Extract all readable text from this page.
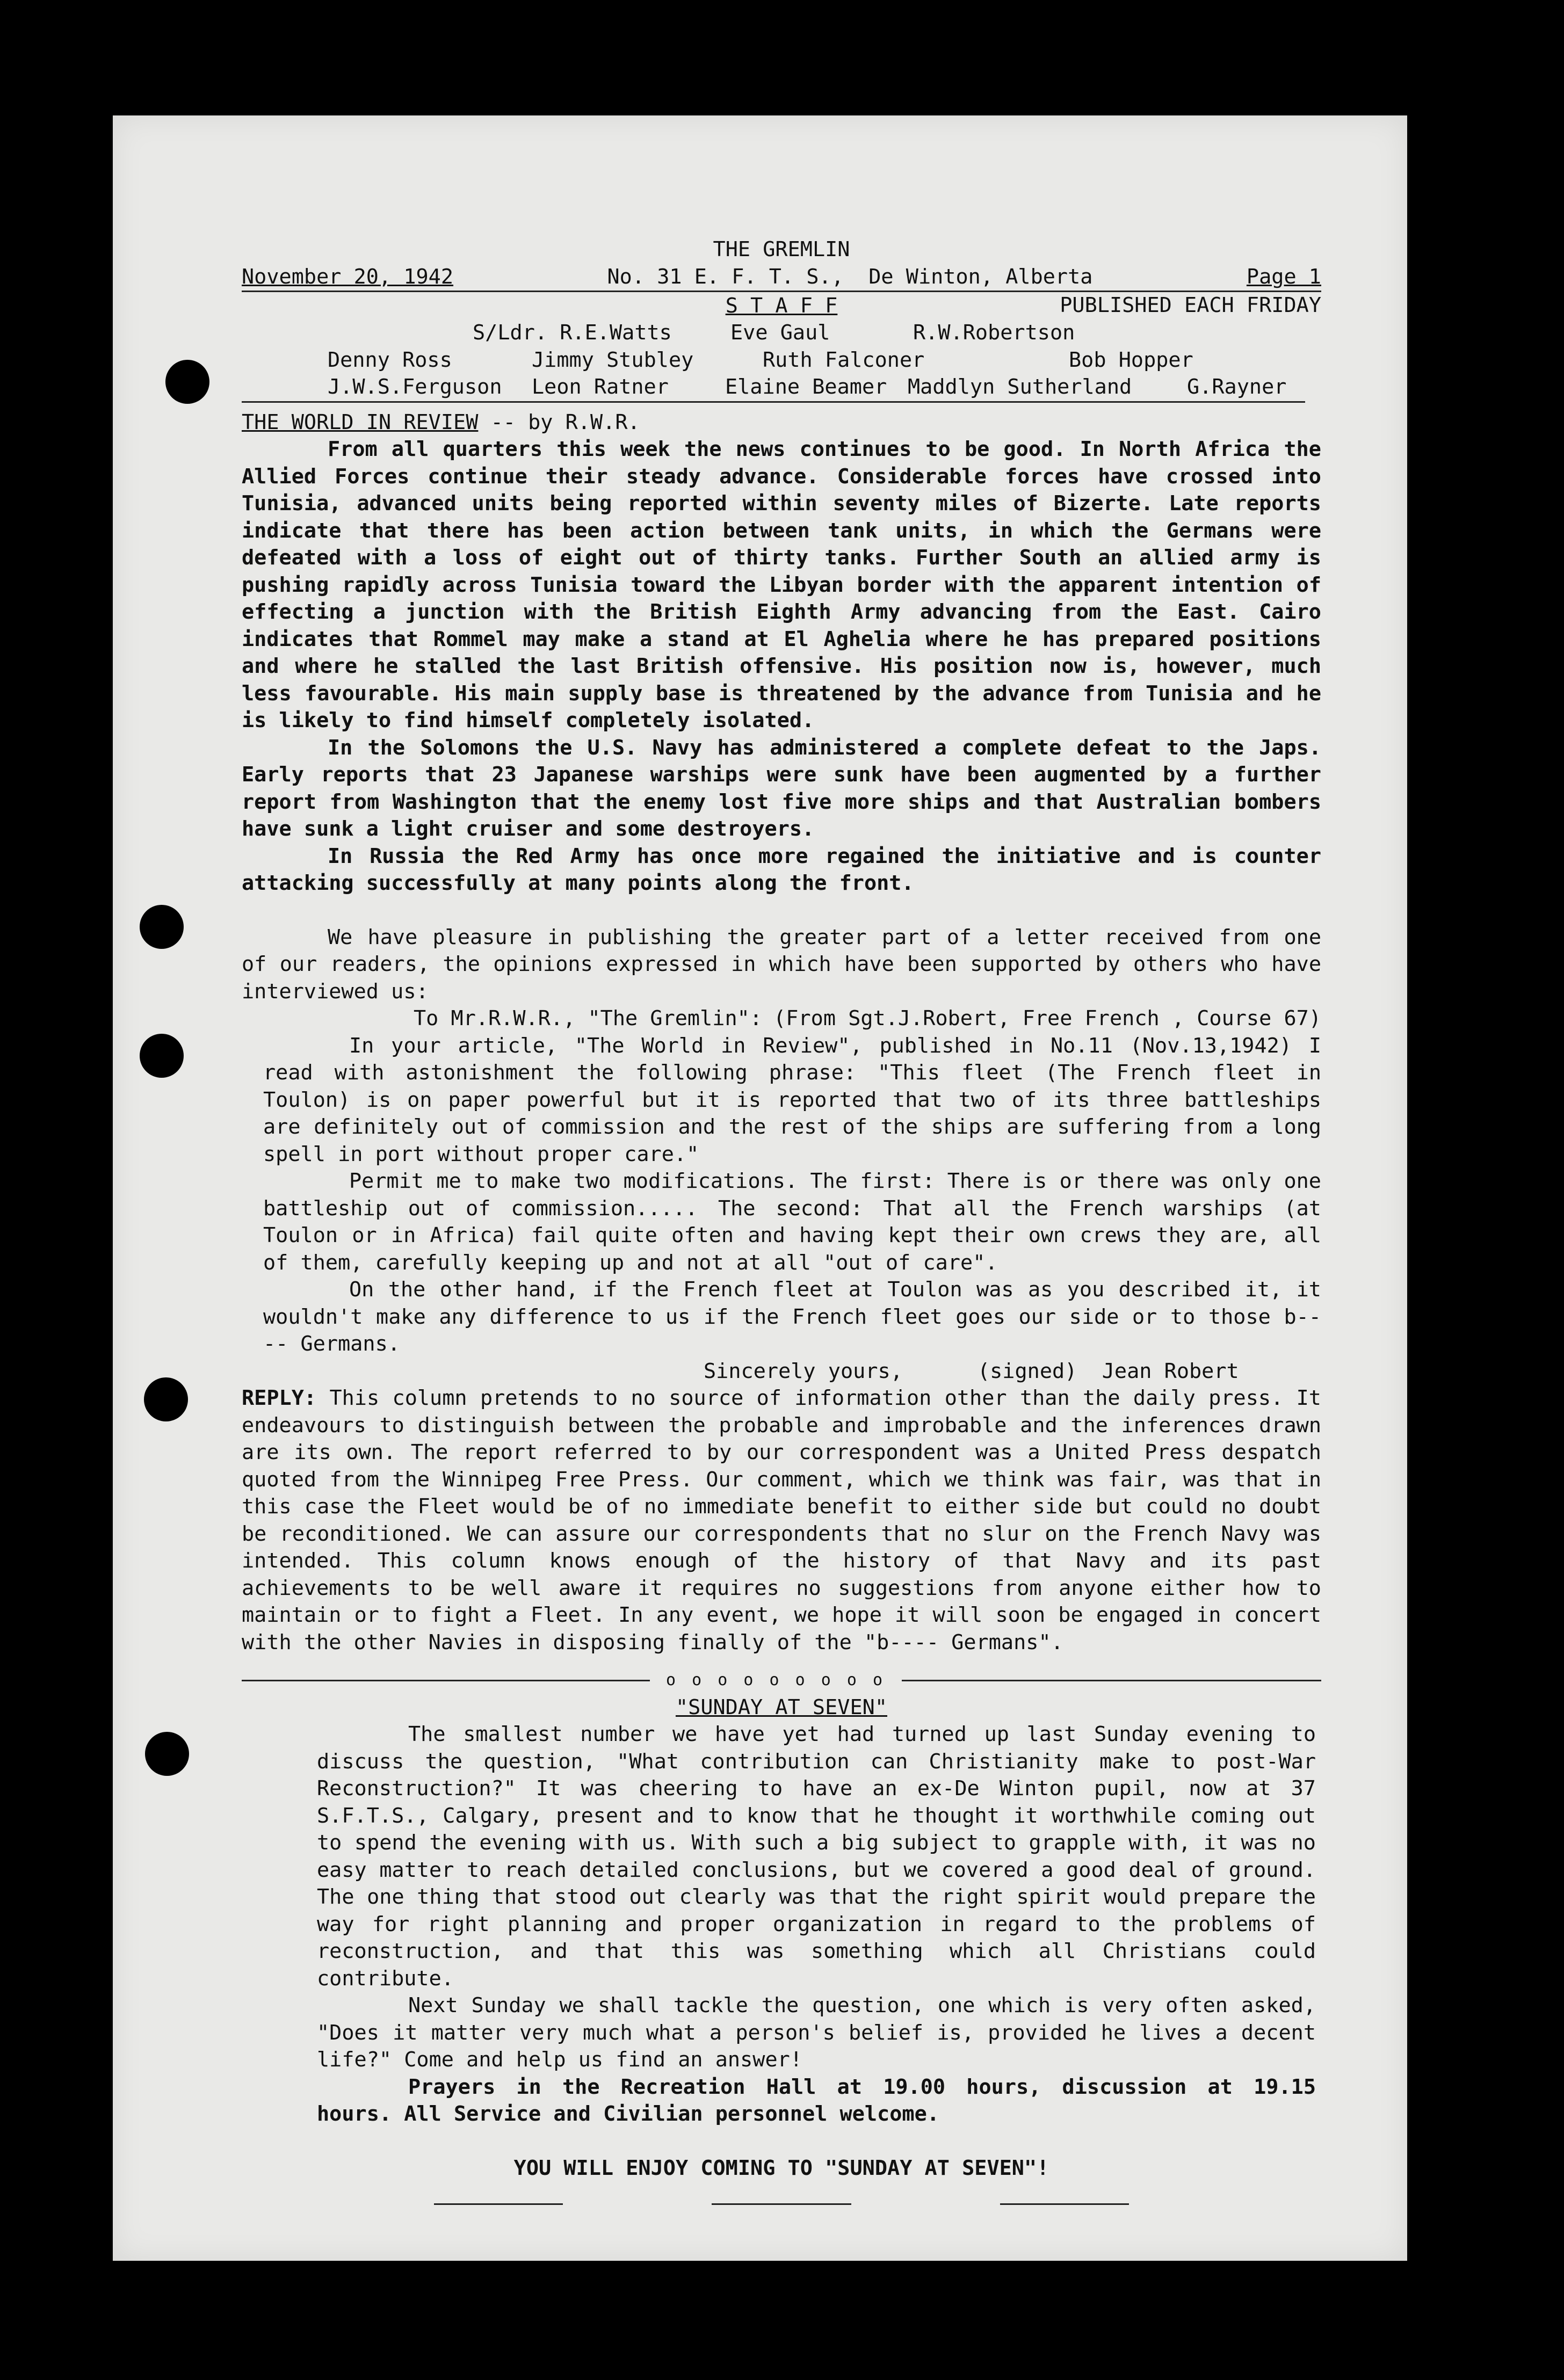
THE GREMLIN
November 20, 1942	No. 31 E. F. T. S.,  De Winton, Alberta	Page 1
PUBLISHED EACH FRIDAY
S T A F F
S/Ldr. R.E.Watts	Eve Gaul	R.W.Robertson
Denny Ross	Jimmy Stubley	Ruth Falconer	Bob Hopper
J.W.S.Ferguson	Leon Ratner	Elaine Beamer	Maddlyn Sutherland	G.Rayner
THE WORLD IN REVIEW -- by R.W.R.

From all quarters this week the news continues to be good. In North Africa the Allied Forces continue their steady advance. Considerable forces have crossed into Tunisia, advanced units being reported within seventy miles of Bizerte. Late reports indicate that there has been action between tank units, in which the Germans were defeated with a loss of eight out of thirty tanks. Further South an allied army is pushing rapidly across Tunisia toward the Libyan border with the apparent intention of effecting a junction with the British Eighth Army advancing from the East. Cairo indicates that Rommel may make a stand at El Aghelia where he has prepared positions and where he stalled the last British offensive. His position now is, however, much less favourable. His main supply base is threatened by the advance from Tunisia and he is likely to find himself completely isolated.

In the Solomons the U.S. Navy has administered a complete defeat to the Japs. Early reports that 23 Japanese warships were sunk have been augmented by a further report from Washington that the enemy lost five more ships and that Australian bombers have sunk a light cruiser and some destroyers.

In Russia the Red Army has once more regained the initiative and is counter attacking successfully at many points along the front.

We have pleasure in publishing the greater part of a letter received from one of our readers, the opinions expressed in which have been supported by others who have interviewed us:

To Mr.R.W.R., "The Gremlin": (From Sgt.J.Robert, Free French , Course 67)

In your article, "The World in Review", published in No.11 (Nov.13,1942) I read with astonishment the following phrase: "This fleet (The French fleet in Toulon) is on paper powerful but it is reported that two of its three battleships are definitely out of commission and the rest of the ships are suffering from a long spell in port without proper care."

Permit me to make two modifications. The first: There is or there was only one battleship out of commission..... The second: That all the French warships (at Toulon or in Africa) fail quite often and having kept their own crews they are, all of them, carefully keeping up and not at all "out of care".

On the other hand, if the French fleet at Toulon was as you described it, it wouldn't make any difference to us if the French fleet goes our side or to those b---- Germans.

Sincerely yours,	(signed)  Jean Robert

REPLY: This column pretends to no source of information other than the daily press. It endeavours to distinguish between the probable and improbable and the inferences drawn are its own. The report referred to by our correspondent was a United Press despatch quoted from the Winnipeg Free Press. Our comment, which we think was fair, was that in this case the Fleet would be of no immediate benefit to either side but could no doubt be reconditioned. We can assure our correspondents that no slur on the French Navy was intended. This column knows enough of the history of that Navy and its past achievements to be well aware it requires no suggestions from anyone either how to maintain or to fight a Fleet. In any event, we hope it will soon be engaged in concert with the other Navies in disposing finally of the "b---- Germans".

o o o o o o o o o
"SUNDAY AT SEVEN"

The smallest number we have yet had turned up last Sunday evening to discuss the question, "What contribution can Christianity make to post-War Reconstruction?" It was cheering to have an ex-De Winton pupil, now at 37 S.F.T.S., Calgary, present and to know that he thought it worthwhile coming out to spend the evening with us. With such a big subject to grapple with, it was no easy matter to reach detailed conclusions, but we covered a good deal of ground. The one thing that stood out clearly was that the right spirit would prepare the way for right planning and proper organization in regard to the problems of reconstruction, and that this was something which all Christians could contribute.

Next Sunday we shall tackle the question, one which is very often asked, "Does it matter very much what a person's belief is, provided he lives a decent life?" Come and help us find an answer!

Prayers in the Recreation Hall at 19.00 hours, discussion at 19.15 hours. All Service and Civilian personnel welcome.

YOU WILL ENJOY COMING TO "SUNDAY AT SEVEN"!
